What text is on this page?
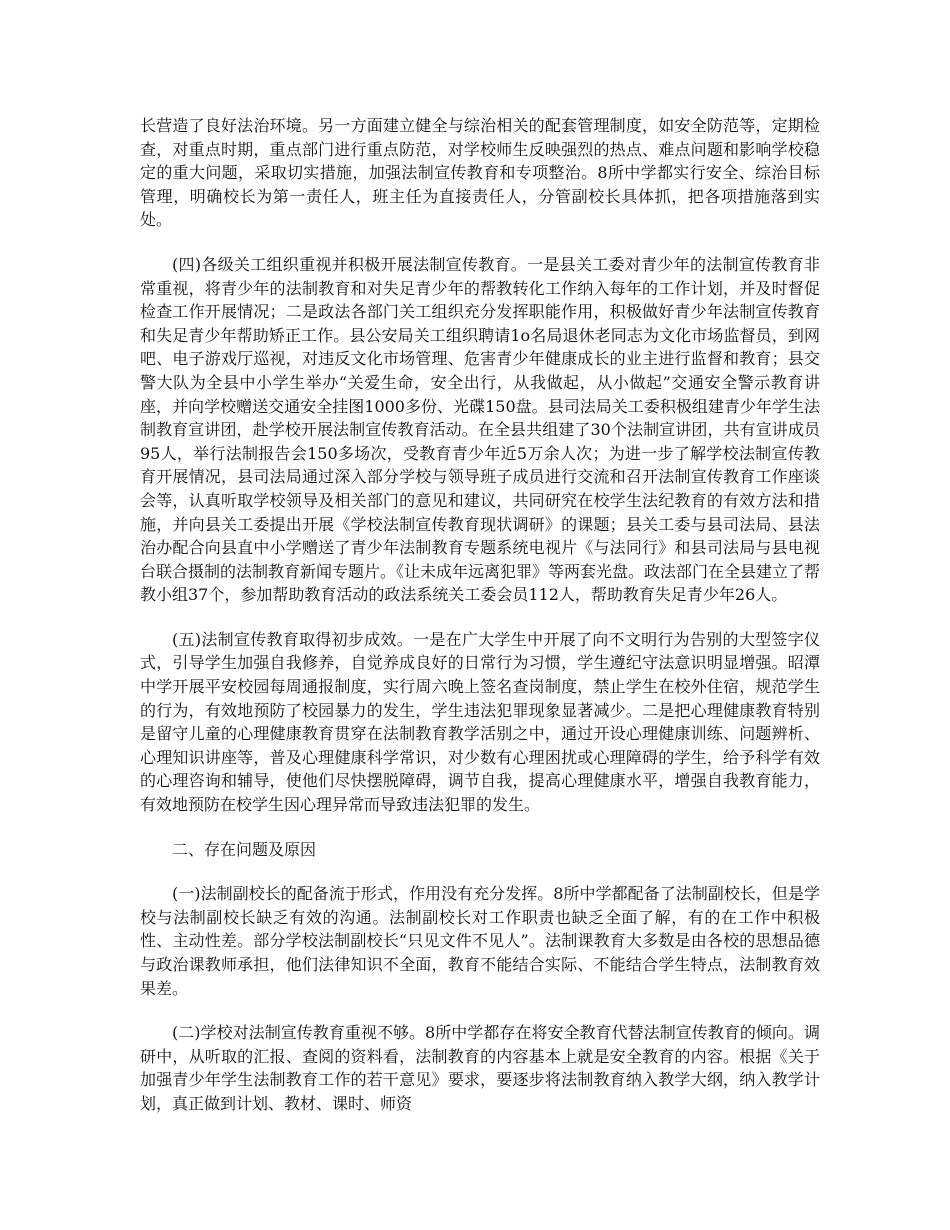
长营造了良好法治环境。另一方面建立健全与综治相关的配套管理制度，如安全防范等，定期检查，对重点时期，重点部门进行重点防范，对学校师生反映强烈的热点、难点问题和影响学校稳定的重大问题，采取切实措施，加强法制宣传教育和专项整治。8所中学都实行安全、综治目标管理，明确校长为第一责任人，班主任为直接责任人，分管副校长具体抓，把各项措施落到实处。

(四)各级关工组织重视并积极开展法制宣传教育。一是县关工委对青少年的法制宣传教育非常重视，将青少年的法制教育和对失足青少年的帮教转化工作纳入每年的工作计划，并及时督促检查工作开展情况；二是政法各部门关工组织充分发挥职能作用，积极做好青少年法制宣传教育和失足青少年帮助矫正工作。县公安局关工组织聘请1o名局退休老同志为文化市场监督员，到网吧、电子游戏厅巡视，对违反文化市场管理、危害青少年健康成长的业主进行监督和教育；县交警大队为全县中小学生举办“关爱生命，安全出行，从我做起，从小做起”交通安全警示教育讲座，并向学校赠送交通安全挂图1000多份、光碟150盘。县司法局关工委积极组建青少年学生法制教育宣讲团，赴学校开展法制宣传教育活动。在全县共组建了30个法制宣讲团，共有宣讲成员95人，举行法制报告会150多场次，受教育青少年近5万余人次；为进一步了解学校法制宣传教育开展情况，县司法局通过深入部分学校与领导班子成员进行交流和召开法制宣传教育工作座谈会等，认真听取学校领导及相关部门的意见和建议，共同研究在校学生法纪教育的有效方法和措施，并向县关工委提出开展《学校法制宣传教育现状调研》的课题；县关工委与县司法局、县法治办配合向县直中小学赠送了青少年法制教育专题系统电视片《与法同行》和县司法局与县电视台联合摄制的法制教育新闻专题片。《让未成年远离犯罪》等两套光盘。政法部门在全县建立了帮教小组37个，参加帮助教育活动的政法系统关工委会员112人，帮助教育失足青少年26人。

(五)法制宣传教育取得初步成效。一是在广大学生中开展了向不文明行为告别的大型签字仪式，引导学生加强自我修养，自觉养成良好的日常行为习惯，学生遵纪守法意识明显增强。昭潭中学开展平安校园每周通报制度，实行周六晚上签名查岗制度，禁止学生在校外住宿，规范学生的行为，有效地预防了校园暴力的发生，学生违法犯罪现象显著减少。二是把心理健康教育特别是留守儿童的心理健康教育贯穿在法制教育教学活别之中，通过开设心理健康训练、问题辨析、心理知识讲座等，普及心理健康科学常识，对少数有心理困扰或心理障碍的学生，给予科学有效的心理咨询和辅导，使他们尽快摆脱障碍，调节自我，提高心理健康水平，增强自我教育能力，有效地预防在校学生因心理异常而导致违法犯罪的发生。

二、存在问题及原因

(一)法制副校长的配备流于形式，作用没有充分发挥。8所中学都配备了法制副校长，但是学校与法制副校长缺乏有效的沟通。法制副校长对工作职责也缺乏全面了解，有的在工作中积极性、主动性差。部分学校法制副校长“只见文件不见人”。法制课教育大多数是由各校的思想品德与政治课教师承担，他们法律知识不全面，教育不能结合实际、不能结合学生特点，法制教育效果差。

(二)学校对法制宣传教育重视不够。8所中学都存在将安全教育代替法制宣传教育的倾向。调研中，从听取的汇报、查阅的资料看，法制教育的内容基本上就是安全教育的内容。根据《关于加强青少年学生法制教育工作的若干意见》要求，要逐步将法制教育纳入教学大纲，纳入教学计划，真正做到计划、教材、课时、师资
